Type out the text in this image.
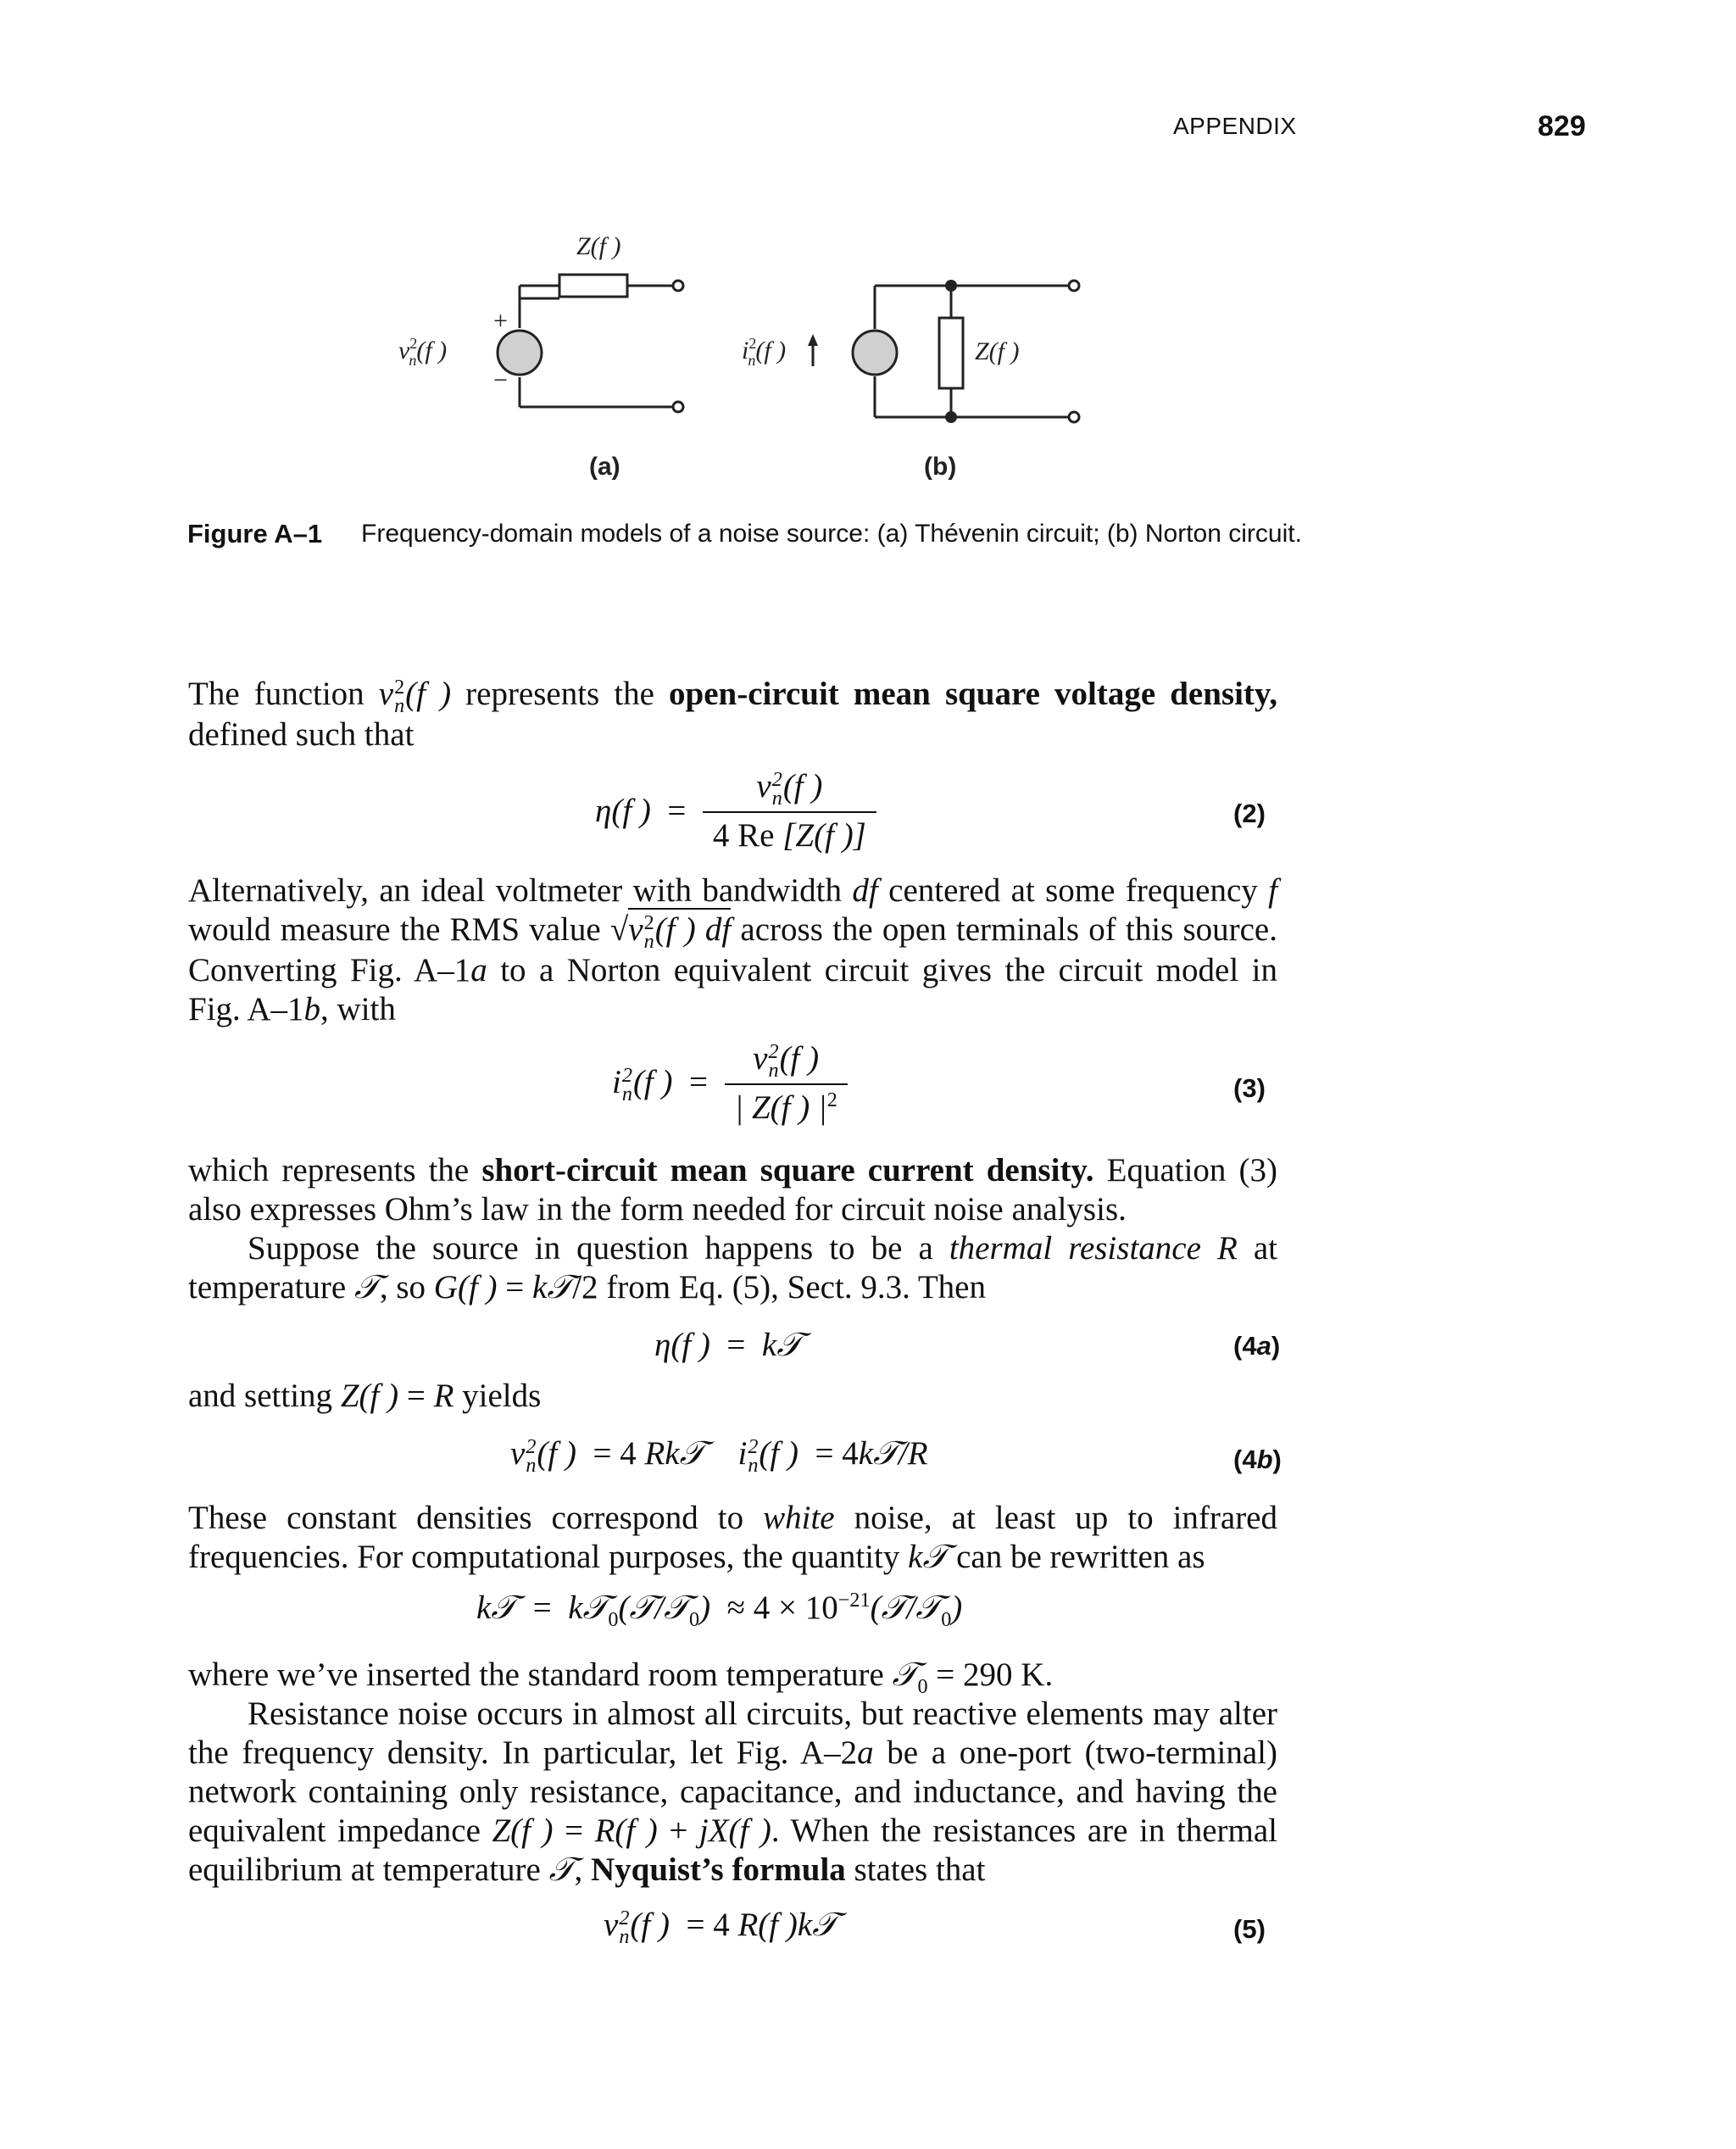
APPENDIX	829
+
−
$v^2$ n(f )
Z(f )
(a)
$i^2$ n(f )	Z(f )
(b)
Figure A–1 Frequency-domain models of a noise source: (a) Thévenin circuit; (b) Norton circuit.
The function v 2
n (f ) represents the open-circuit mean square voltage density, defined such that
η(f )  = v 2
n (f )
4 Re [Z(f )]	(2)
Alternatively, an ideal voltmeter with bandwidth df centered at some frequency f would measure the RMS value √v 2
n (f ) df across the open terminals of this source. Converting Fig. A–1a to a Norton equivalent circuit gives the circuit model in Fig. A–1b, with
i 2
n (f )  = v 2
n (f )
| Z(f ) $|^2$	(3)
which represents the short-circuit mean square current density. Equation (3) also expresses Ohm’s law in the form needed for circuit noise analysis.
Suppose the source in question happens to be a thermal resistance R at temperature 𝒯, so G(f ) = k𝒯/2 from Eq. (5), Sect. 9.3. Then
η(f )  =  k𝒯	(4a)
and setting Z(f ) = R yields
v 2
n (f )  = 4 Rk𝒯    i 2
n (f )  = 4k𝒯/R	(4b)
These constant densities correspond to white noise, at least up to infrared frequencies. For computational purposes, the quantity k𝒯 can be rewritten as
k𝒯  =  k𝒯$_0$(𝒯/𝒯$_0$)  ≈ $4 \times 10^{-21}(𝒯/𝒯_0)$
where we’ve inserted the standard room temperature 𝒯$_0$ = 290 K.
Resistance noise occurs in almost all circuits, but reactive elements may alter the frequency density. In particular, let Fig. A–2a be a one-port (two-terminal) network containing only resistance, capacitance, and inductance, and having the equivalent impedance Z(f ) = R(f ) + jX(f ). When the resistances are in thermal equilibrium at temperature 𝒯, Nyquist’s formula states that
v 2
n (f )  = 4 R(f )k𝒯	(5)
